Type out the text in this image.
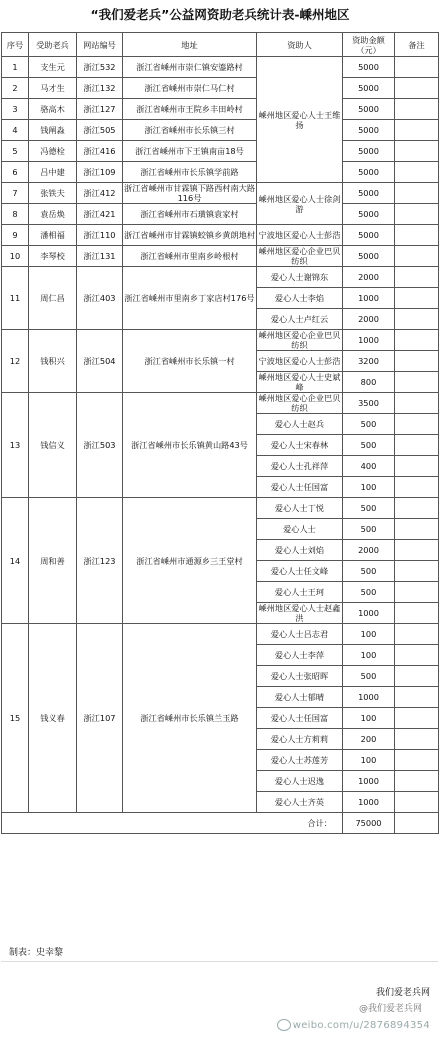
“我们爱老兵”公益网资助老兵统计表-嵊州地区
序号	受助老兵	网站编号	地址	资助人	资助金额（元）	备注
1	支生元	浙江532	浙江省嵊州市崇仁镇安鎏路村	嵊州地区爱心人士王维扬	5000	
2	马才生	浙江132	浙江省嵊州市崇仁马仁村		5000	
3	骆高木	浙江127	浙江省嵊州市王院乡丰田岭村		5000	
4	钱阐淼	浙江505	浙江省嵊州市长乐镇三村		5000	
5	冯德栓	浙江416	浙江省嵊州市下王镇南亩18号		5000	
6	吕中建	浙江109	浙江省嵊州市长乐镇学前路		5000	
7	张铁夫	浙江412	浙江省嵊州市甘霖镇下路西村南大路116号	嵊州地区爱心人士徐剑游	5000	
8	袁岳焕	浙江421	浙江省嵊州市石璜镇袁家村		5000	
9	潘相福	浙江110	浙江省嵊州市甘霖镇蛟镇乡黄朗地村	宁波地区爱心人士彭浩	5000	
10	李琴校	浙江131	浙江省嵊州市里南乡岭根村	嵊州地区爱心企业巴贝纺织	5000	
11	周仁昌	浙江403	浙江省嵊州市里南乡丁家店村176号	爱心人士谢锦东	2000	
				爱心人士李焰	1000	
				爱心人士卢红云	2000	
12	钱积兴	浙江504	浙江省嵊州市长乐镇一村	嵊州地区爱心企业巴贝纺织	1000	
				宁波地区爱心人士彭浩	3200	
				嵊州地区爱心人士史斌峰	800	
13	钱信义	浙江503	浙江省嵊州市长乐镇黄山路43号	嵊州地区爱心企业巴贝纺织	3500	
				爱心人士赵兵	500	
				爱心人士宋春林	500	
				爱心人士孔祥萍	400	
				爱心人士任国富	100	
14	周和善	浙江123	浙江省嵊州市通源乡三王堂村	爱心人士丁悦	500	
				爱心人士	500	
				爱心人士刘焰	2000	
				爱心人士任文峰	500	
				爱心人士王珂	500	
				嵊州地区爱心人士赵鑫洪	1000	
15	钱义春	浙江107	浙江省嵊州市长乐镇兰玉路	爱心人士吕志君	100	
				爱心人士李萍	100	
				爱心人士张昭晖	500	
				爱心人士郁晴	1000	
				爱心人士任国富	100	
				爱心人士方莉莉	200	
				爱心人士苏莲芳	100	
				爱心人士迟逸	1000	
				爱心人士齐英	1000	
合计：					75000	
制表：史幸黎
我们爱老兵网
@我们爱老兵网
weibo.com/u/2876894354
